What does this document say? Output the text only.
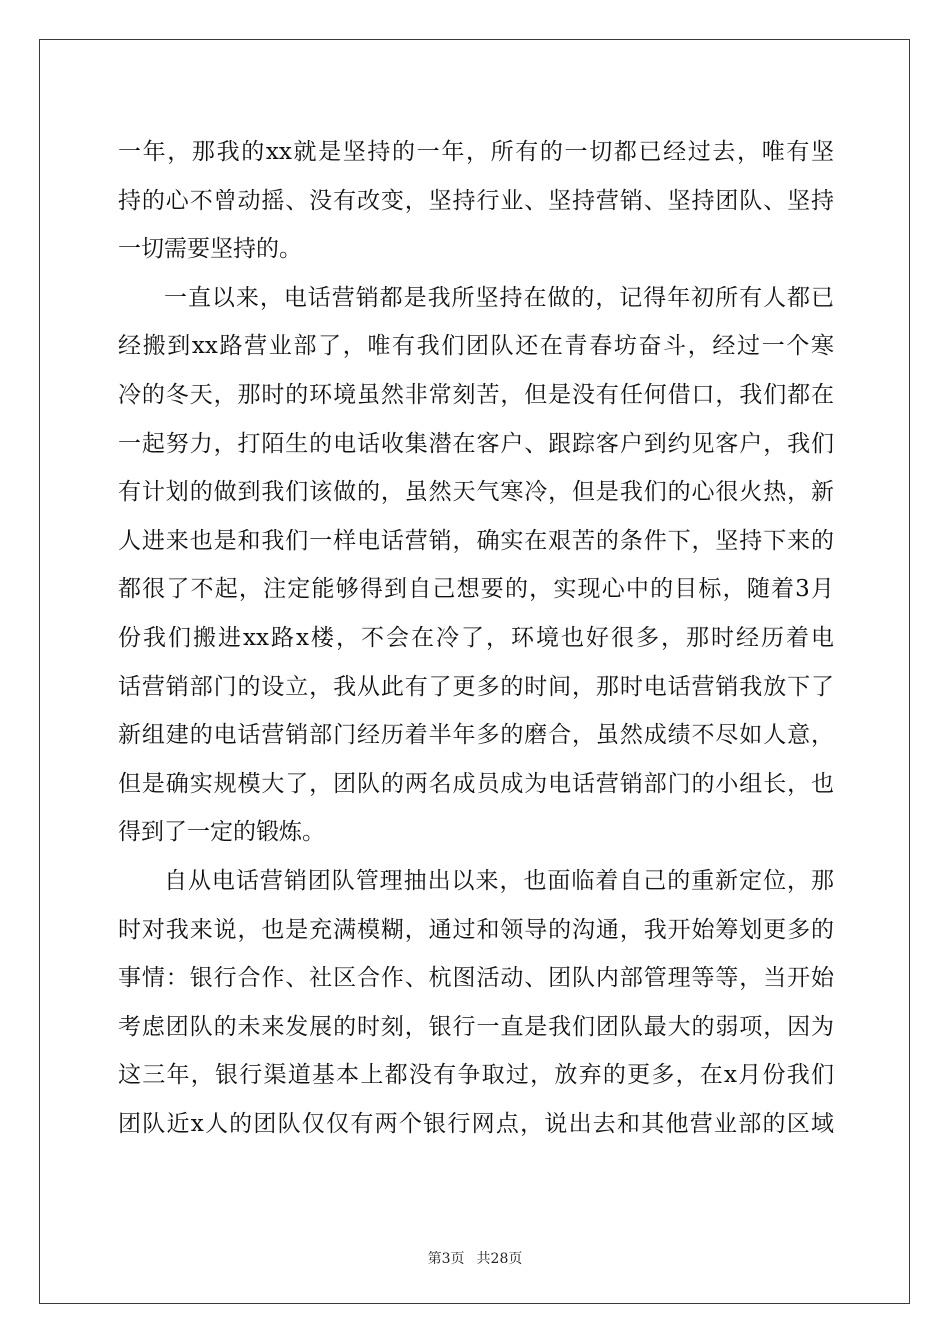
一年，那我的xx就是坚持的一年，所有的一切都已经过去，唯有坚
持的心不曾动摇、没有改变，坚持行业、坚持营销、坚持团队、坚持
一切需要坚持的。
一直以来，电话营销都是我所坚持在做的，记得年初所有人都已
经搬到xx路营业部了，唯有我们团队还在青春坊奋斗，经过一个寒
冷的冬天，那时的环境虽然非常刻苦，但是没有任何借口，我们都在
一起努力，打陌生的电话收集潜在客户、跟踪客户到约见客户，我们
有计划的做到我们该做的，虽然天气寒冷，但是我们的心很火热，新
人进来也是和我们一样电话营销，确实在艰苦的条件下，坚持下来的
都很了不起，注定能够得到自己想要的，实现心中的目标，随着3月
份我们搬进xx路x楼，不会在冷了，环境也好很多，那时经历着电
话营销部门的设立，我从此有了更多的时间，那时电话营销我放下了
新组建的电话营销部门经历着半年多的磨合，虽然成绩不尽如人意，
但是确实规模大了，团队的两名成员成为电话营销部门的小组长，也
得到了一定的锻炼。
自从电话营销团队管理抽出以来，也面临着自己的重新定位，那
时对我来说，也是充满模糊，通过和领导的沟通，我开始筹划更多的
事情：银行合作、社区合作、杭图活动、团队内部管理等等，当开始
考虑团队的未来发展的时刻，银行一直是我们团队最大的弱项，因为
这三年，银行渠道基本上都没有争取过，放弃的更多，在x月份我们
团队近x人的团队仅仅有两个银行网点，说出去和其他营业部的区域
第3页 共28页
